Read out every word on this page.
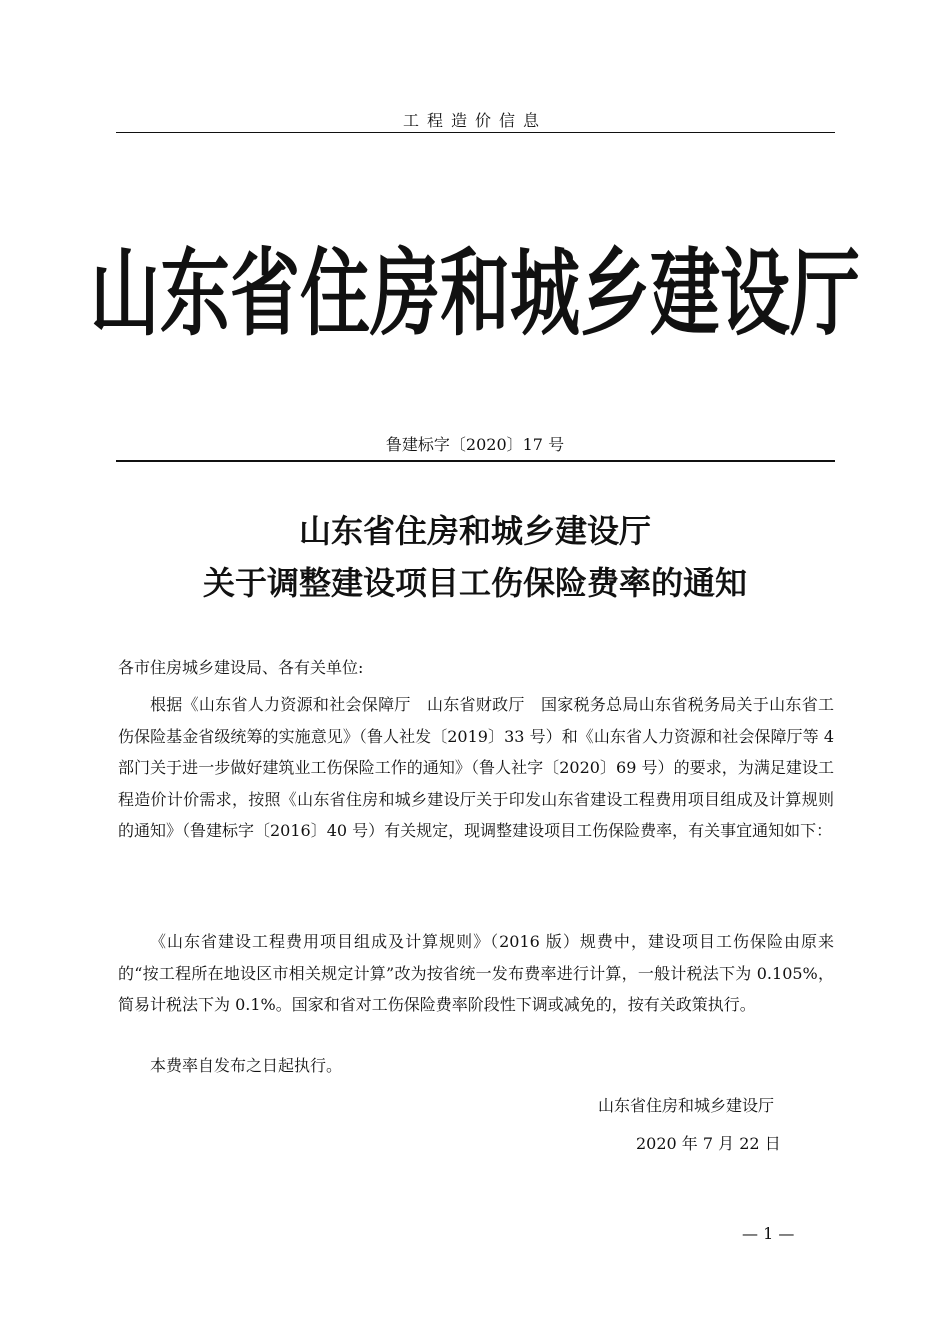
工程造价信息
山东省住房和城乡建设厅
鲁建标字〔2020〕17 号
山东省住房和城乡建设厅
关于调整建设项目工伤保险费率的通知
各市住房城乡建设局、各有关单位:
根据《山东省人力资源和社会保障厅　山东省财政厅　国家税务总局山东省税务局关于山东省工伤保险基金省级统筹的实施意见》（鲁人社发〔2019〕33 号）和《山东省人力资源和社会保障厅等 4 部门关于进一步做好建筑业工伤保险工作的通知》（鲁人社字〔2020〕69 号）的要求，为满足建设工程造价计价需求，按照《山东省住房和城乡建设厅关于印发山东省建设工程费用项目组成及计算规则的通知》（鲁建标字〔2016〕40 号）有关规定，现调整建设项目工伤保险费率，有关事宜通知如下：
《山东省建设工程费用项目组成及计算规则》（2016 版）规费中，建设项目工伤保险由原来的“按工程所在地设区市相关规定计算”改为按省统一发布费率进行计算，一般计税法下为 0.105%，简易计税法下为 0.1%。国家和省对工伤保险费率阶段性下调或减免的，按有关政策执行。
本费率自发布之日起执行。
山东省住房和城乡建设厅
2020 年 7 月 22 日
— 1 —
